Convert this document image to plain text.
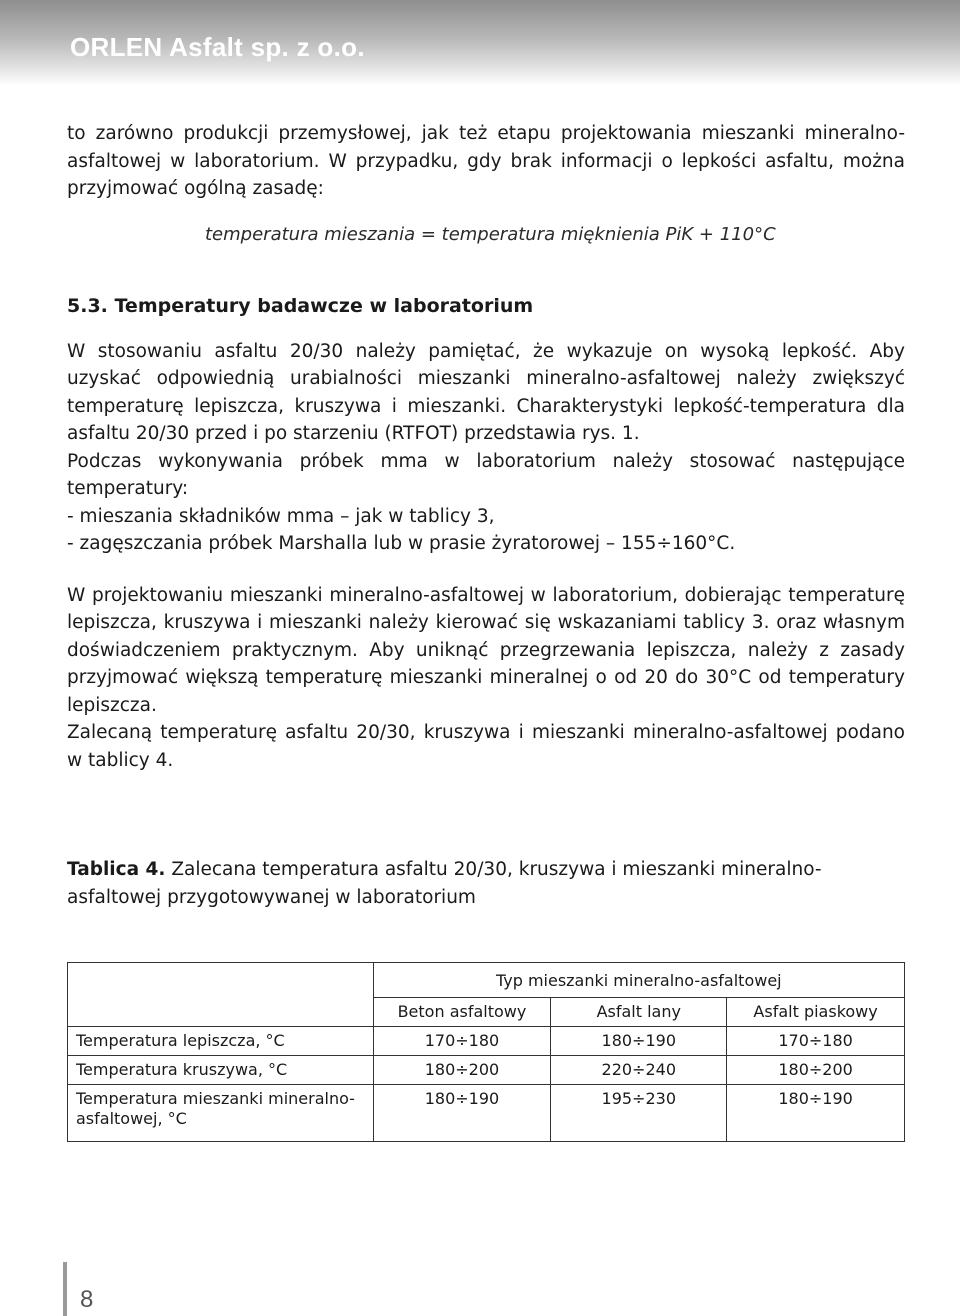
ORLEN Asfalt sp. z o.o.

to zarówno produkcji przemysłowej, jak też etapu projektowania mieszanki mineralno-asfaltowej w laboratorium. W przypadku, gdy brak informacji o lepkości asfaltu, można przyjmować ogólną zasadę:

temperatura mieszania = temperatura mięknienia PiK + 110°C

5.3. Temperatury badawcze w laboratorium

W stosowaniu asfaltu 20/30 należy pamiętać, że wykazuje on wysoką lepkość. Aby uzyskać odpowiednią urabialności mieszanki mineralno-asfaltowej należy zwiększyć temperaturę lepiszcza, kruszywa i mieszanki. Charakterystyki lepkość-temperatura dla asfaltu 20/30 przed i po starzeniu (RTFOT) przedstawia rys. 1.

Podczas wykonywania próbek mma w laboratorium należy stosować następujące temperatury:

- mieszania składników mma – jak w tablicy 3,

- zagęszczania próbek Marshalla lub w prasie żyratorowej – 155÷160°C.

W projektowaniu mieszanki mineralno-asfaltowej w laboratorium, dobierając temperaturę lepiszcza, kruszywa i mieszanki należy kierować się wskazaniami tablicy 3. oraz własnym doświadczeniem praktycznym. Aby uniknąć przegrzewania lepiszcza, należy z zasady przyjmować większą temperaturę mieszanki mineralnej o od 20 do 30°C od temperatury lepiszcza.

Zalecaną temperaturę asfaltu 20/30, kruszywa i mieszanki mineralno-asfaltowej podano w tablicy 4.

Tablica 4. Zalecana temperatura asfaltu 20/30, kruszywa i mieszanki mineralno-asfaltowej przygotowywanej w laboratorium
	Typ mieszanki mineralno-asfaltowej		
	Beton asfaltowy	Asfalt lany	Asfalt piaskowy
Temperatura lepiszcza, °C	170÷180	180÷190	170÷180
Temperatura kruszywa, °C	180÷200	220÷240	180÷200
Temperatura mieszanki mineralno-asfaltowej, °C	180÷190	195÷230	180÷190
8
